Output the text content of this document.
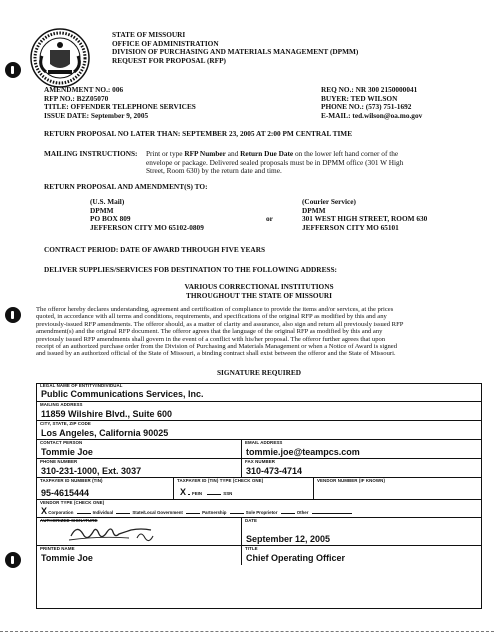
STATE OF MISSOURI
OFFICE OF ADMINISTRATION
DIVISION OF PURCHASING AND MATERIALS MANAGEMENT (DPMM)
REQUEST FOR PROPOSAL (RFP)
AMENDMENT NO.: 006
RFP NO.: B2Z05070
TITLE: OFFENDER TELEPHONE SERVICES
ISSUE DATE: September 9, 2005
REQ NO.: NR 300 2150000041
BUYER: TED WILSON
PHONE NO.: (573) 751-1692
E-MAIL: ted.wilson@oa.mo.gov
RETURN PROPOSAL NO LATER THAN: SEPTEMBER 23, 2005 AT 2:00 PM CENTRAL TIME
MAILING INSTRUCTIONS: Print or type RFP Number and Return Due Date on the lower left hand corner of the
envelope or package. Delivered sealed proposals must be in DPMM office (301 W High
Street, Room 630) by the return date and time.
RETURN PROPOSAL AND AMENDMENT(S) TO:
(U.S. Mail)
DPMM
PO BOX 809
JEFFERSON CITY MO 65102-0809
or
(Courier Service)
DPMM
301 WEST HIGH STREET, ROOM 630
JEFFERSON CITY MO 65101
CONTRACT PERIOD: DATE OF AWARD THROUGH FIVE YEARS
DELIVER SUPPLIES/SERVICES FOB DESTINATION TO THE FOLLOWING ADDRESS:
VARIOUS CORRECTIONAL INSTITUTIONS
THROUGHOUT THE STATE OF MISSOURI
The offeror hereby declares understanding, agreement and certification of compliance to provide the items and/or services, at the prices
quoted, in accordance with all terms and conditions, requirements, and specifications of the original RFP as modified by this and any
previously-issued RFP amendments. The offeror should, as a matter of clarity and assurance, also sign and return all previously issued RFP
amendment(s) and the original RFP document. The offeror agrees that the language of the original RFP as modified by this and any
previously issued RFP amendments shall govern in the event of a conflict with his/her proposal. The offeror further agrees that upon
receipt of an authorized purchase order from the Division of Purchasing and Materials Management or when a Notice of Award is signed
and issued by an authorized official of the State of Missouri, a binding contract shall exist between the offeror and the State of Missouri.
SIGNATURE REQUIRED
LEGAL NAME OF ENTITY/INDIVIDUAL
Public Communications Services, Inc.
MAILING ADDRESS
11859 Wilshire Blvd., Suite 600
CITY, STATE, ZIP CODE
Los Angeles, California 90025
CONTACT PERSON
Tommie Joe
EMAIL ADDRESS
tommie.joe@teampcs.com
PHONE NUMBER
310-231-1000, Ext. 3037
FAX NUMBER
310-473-4714
TAXPAYER ID NUMBER (TIN)
95-4615444
TAXPAYER ID (TIN) TYPE (CHECK ONE)
X FEIN	SSN
VENDOR NUMBER (IF KNOWN)
VENDOR TYPE (CHECK ONE)
X Corporation	Individual	State/Local Government	Partnership	Sole Proprietor	Other
AUTHORIZED SIGNATURE	DATE
September 12, 2005
PRINTED NAME
Tommie Joe
TITLE
Chief Operating Officer
